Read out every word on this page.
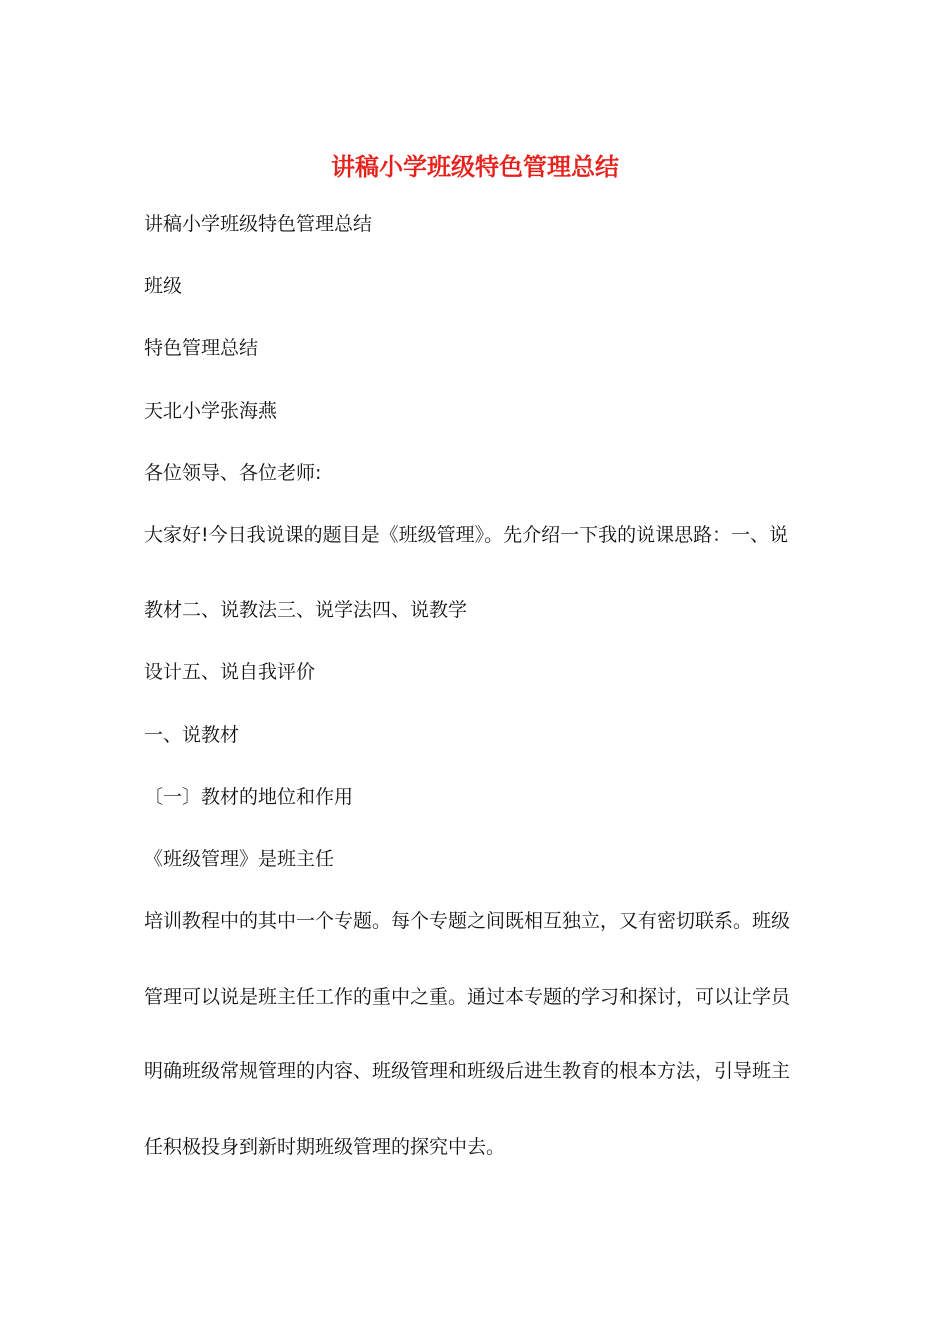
讲稿小学班级特色管理总结

讲稿小学班级特色管理总结

班级

特色管理总结

天北小学张海燕

各位领导、各位老师:

大家好!今日我说课的题目是《班级管理》。先介绍一下我的说课思路：一、说

教材二、说教法三、说学法四、说教学

设计五、说自我评价

一、说教材

〔一〕教材的地位和作用

《班级管理》是班主任

培训教程中的其中一个专题。每个专题之间既相互独立，又有密切联系。班级

管理可以说是班主任工作的重中之重。通过本专题的学习和探讨，可以让学员

明确班级常规管理的内容、班级管理和班级后进生教育的根本方法，引导班主

任积极投身到新时期班级管理的探究中去。
